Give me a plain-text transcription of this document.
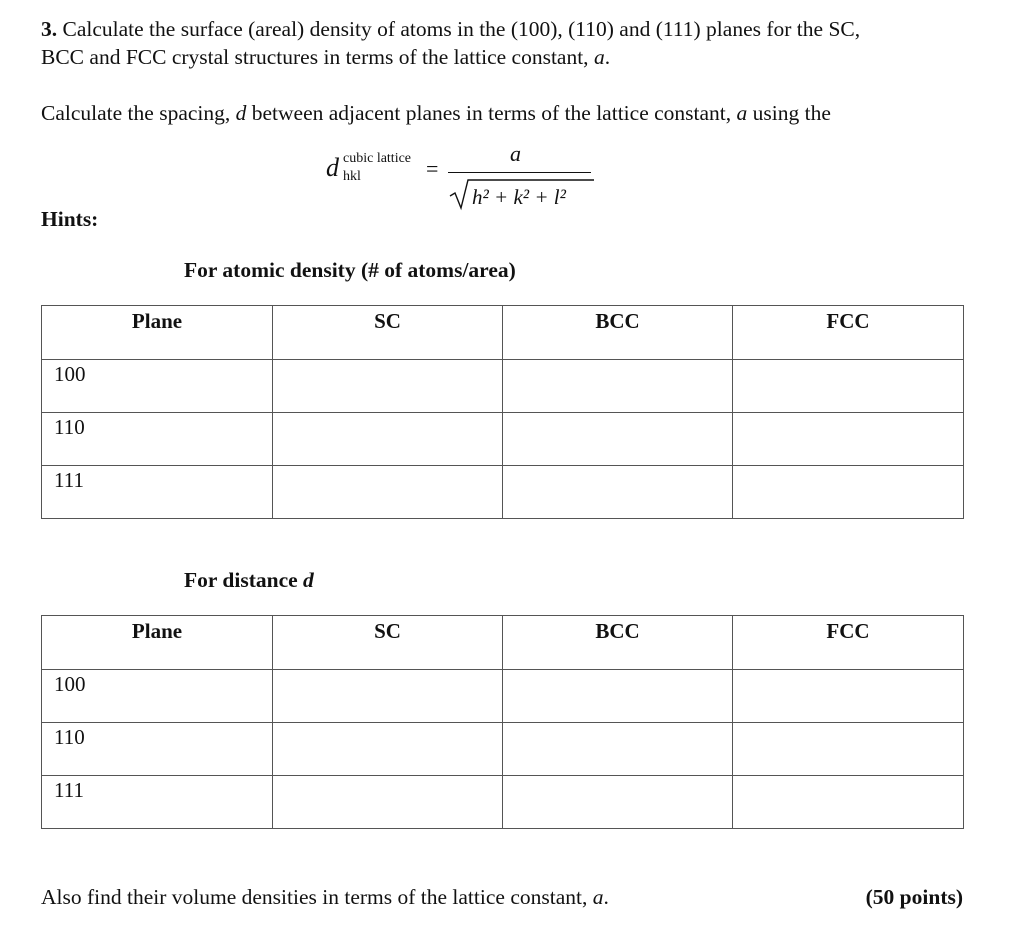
3. Calculate the surface (areal) density of atoms in the (100), (110) and (111) planes for the SC,
BCC and FCC crystal structures in terms of the lattice constant, a.
Calculate the spacing, d between adjacent planes in terms of the lattice constant, a using the
d cubic lattice
hkl	=
a
h² + k² + l²
Hints:
For atomic density (# of atoms/area)
Plane	SC	BCC	FCC
100			
110			
111			
For distance d
Plane	SC	BCC	FCC
100			
110			
111			
Also find their volume densities in terms of the lattice constant, a.	(50 points)
